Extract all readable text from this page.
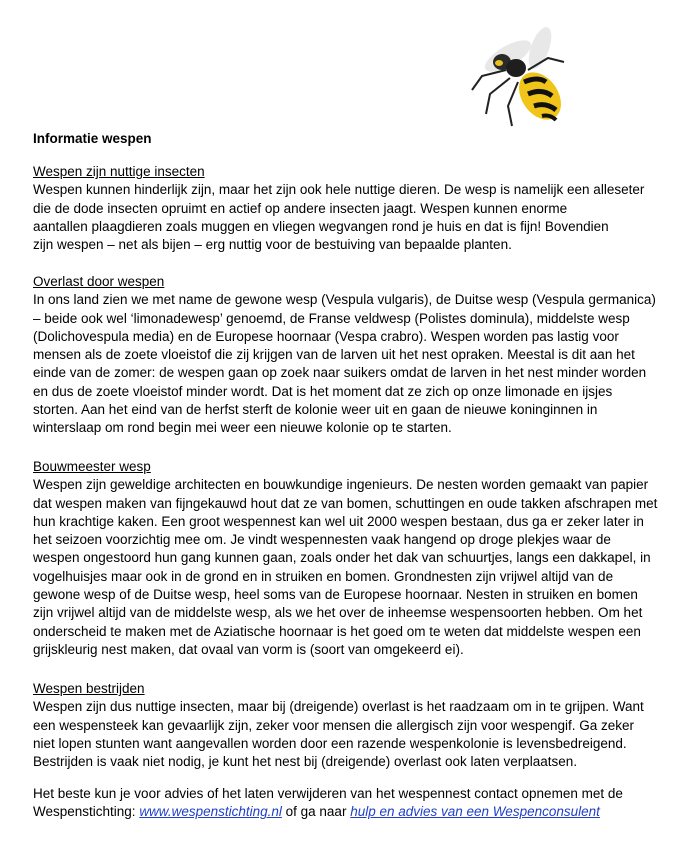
Informatie wespen
Wespen zijn nuttige insecten
Wespen kunnen hinderlijk zijn, maar het zijn ook hele nuttige dieren. De wesp is namelijk een alleseter
die de dode insecten opruimt en actief op andere insecten jaagt. Wespen kunnen enorme
aantallen plaagdieren zoals muggen en vliegen wegvangen rond je huis en dat is fijn! Bovendien
zijn wespen – net als bijen – erg nuttig voor de bestuiving van bepaalde planten.
Overlast door wespen
In ons land zien we met name de gewone wesp (Vespula vulgaris), de Duitse wesp (Vespula germanica)
– beide ook wel ‘limonadewesp’ genoemd, de Franse veldwesp (Polistes dominula), middelste wesp
(Dolichovespula media) en de Europese hoornaar (Vespa crabro). Wespen worden pas lastig voor
mensen als de zoete vloeistof die zij krijgen van de larven uit het nest opraken. Meestal is dit aan het
einde van de zomer: de wespen gaan op zoek naar suikers omdat de larven in het nest minder worden
en dus de zoete vloeistof minder wordt. Dat is het moment dat ze zich op onze limonade en ijsjes
storten. Aan het eind van de herfst sterft de kolonie weer uit en gaan de nieuwe koninginnen in
winterslaap om rond begin mei weer een nieuwe kolonie op te starten.
Bouwmeester wesp
Wespen zijn geweldige architecten en bouwkundige ingenieurs. De nesten worden gemaakt van papier
dat wespen maken van fijngekauwd hout dat ze van bomen, schuttingen en oude takken afschrapen met
hun krachtige kaken. Een groot wespennest kan wel uit 2000 wespen bestaan, dus ga er zeker later in
het seizoen voorzichtig mee om. Je vindt wespennesten vaak hangend op droge plekjes waar de
wespen ongestoord hun gang kunnen gaan, zoals onder het dak van schuurtjes, langs een dakkapel, in
vogelhuisjes maar ook in de grond en in struiken en bomen. Grondnesten zijn vrijwel altijd van de
gewone wesp of de Duitse wesp, heel soms van de Europese hoornaar. Nesten in struiken en bomen
zijn vrijwel altijd van de middelste wesp, als we het over de inheemse wespensoorten hebben. Om het
onderscheid te maken met de Aziatische hoornaar is het goed om te weten dat middelste wespen een
grijskleurig nest maken, dat ovaal van vorm is (soort van omgekeerd ei).
Wespen bestrijden
Wespen zijn dus nuttige insecten, maar bij (dreigende) overlast is het raadzaam om in te grijpen. Want
een wespensteek kan gevaarlijk zijn, zeker voor mensen die allergisch zijn voor wespengif. Ga zeker
niet lopen stunten want aangevallen worden door een razende wespenkolonie is levensbedreigend.
Bestrijden is vaak niet nodig, je kunt het nest bij (dreigende) overlast ook laten verplaatsen.
Het beste kun je voor advies of het laten verwijderen van het wespennest contact opnemen met de
Wespenstichting: www.wespenstichting.nl of ga naar hulp en advies van een Wespenconsulent
